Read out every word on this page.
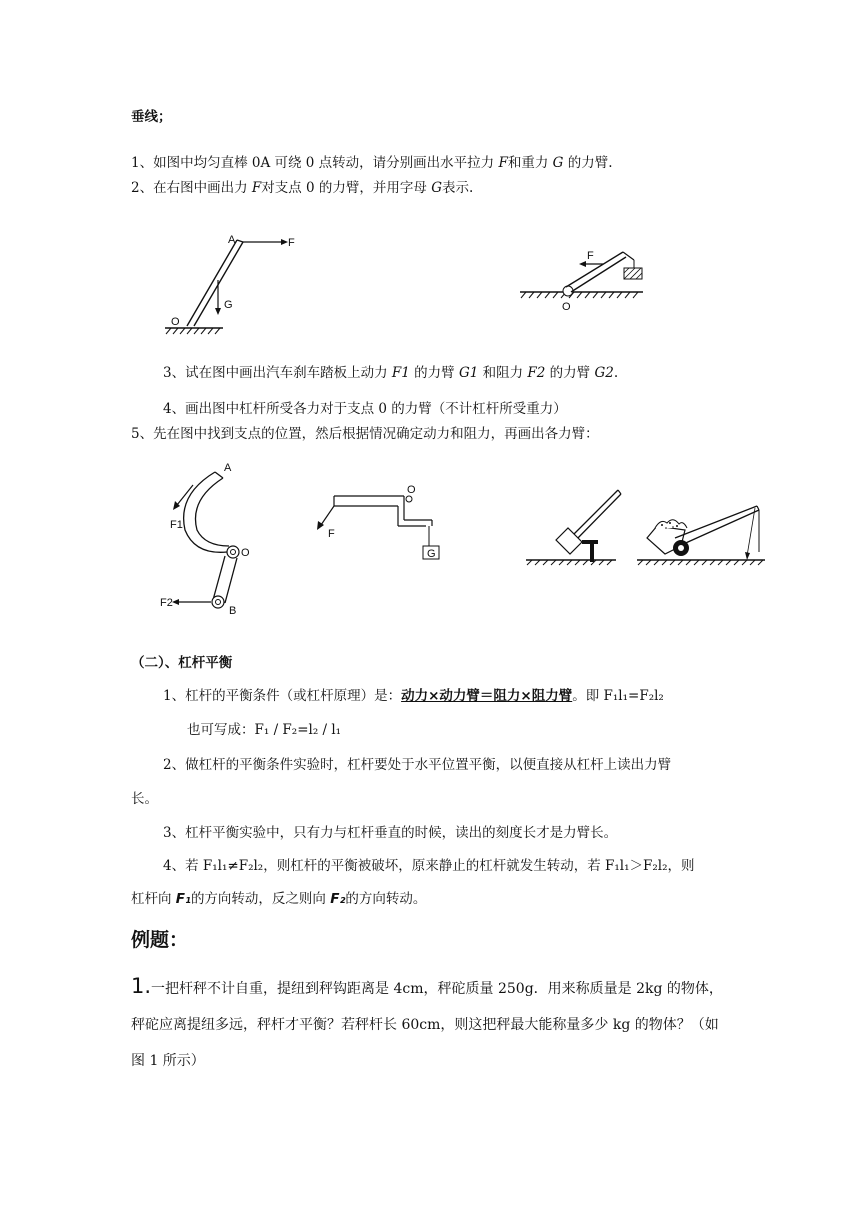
垂线；
1、如图中均匀直棒 0A 可绕 0 点转动，请分别画出水平拉力 F和重力 G 的力臂.
2、在右图中画出力 F对支点 0 的力臂，并用字母 G表示.
A	F
G
O
F
O
3、试在图中画出汽车刹车踏板上动力 F1 的力臂 G1 和阻力 F2 的力臂 G2.
4、画出图中杠杆所受各力对于支点 0 的力臂（不计杠杆所受重力）
5、先在图中找到支点的位置，然后根据情况确定动力和阻力，再画出各力臂：
A
F1
O
F2
B
O
F
G
（二）、杠杆平衡
1、杠杆的平衡条件（或杠杆原理）是：动力×动力臂＝阻力×阻力臂。即 F₁l₁=F₂l₂
也可写成：F₁ / F₂=l₂ / l₁
2、做杠杆的平衡条件实验时，杠杆要处于水平位置平衡，以便直接从杠杆上读出力臂
长。
3、杠杆平衡实验中，只有力与杠杆垂直的时候，读出的刻度长才是力臂长。
4、若 F₁l₁≠F₂l₂，则杠杆的平衡被破坏，原来静止的杠杆就发生转动，若 F₁l₁＞F₂l₂，则
杠杆向 F₁的方向转动，反之则向 F₂的方向转动。
例题：
1.一把杆秤不计自重，提纽到秤钩距离是 4cm，秤砣质量 250g．用来称质量是 2kg 的物体，
秤砣应离提纽多远，秤杆才平衡？若秤杆长 60cm，则这把秤最大能称量多少 kg 的物体？（如
图 1 所示）
